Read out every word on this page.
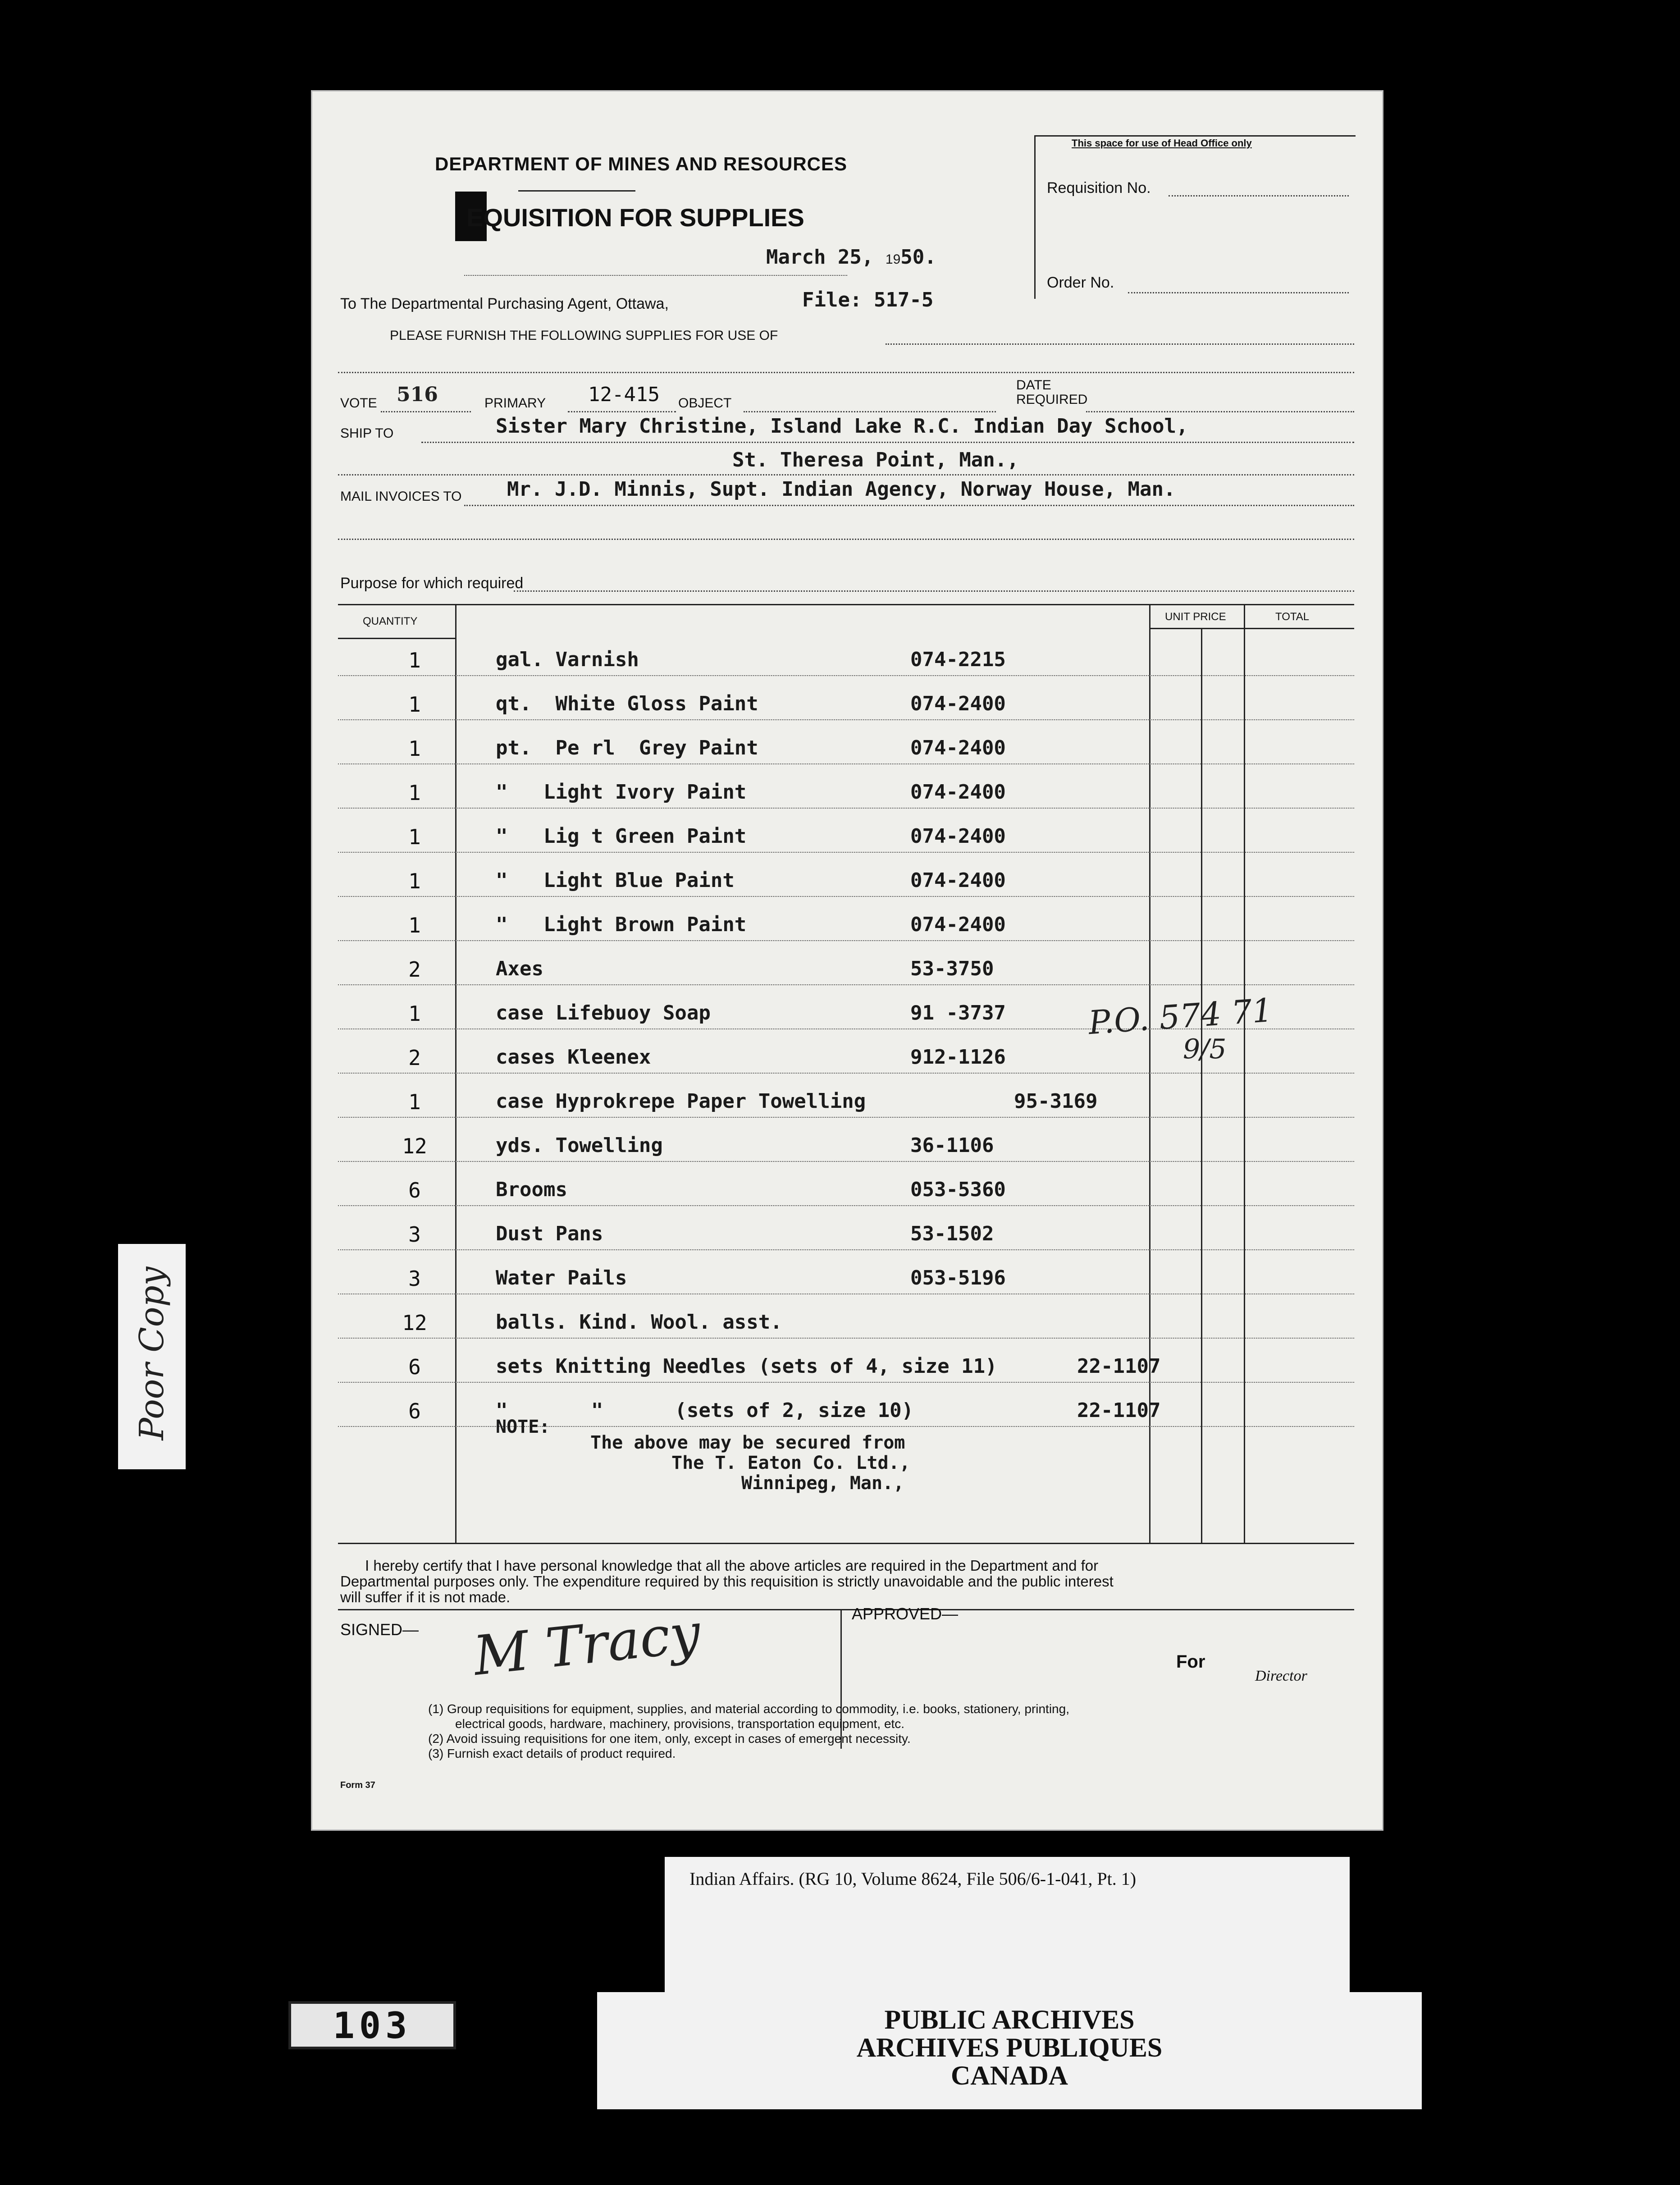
Poor Copy
DEPARTMENT OF MINES AND RESOURCES
EQUISITION FOR SUPPLIES
March 25, 1950.
To The Departmental Purchasing Agent, Ottawa,	File: 517-5
PLEASE FURNISH THE FOLLOWING SUPPLIES FOR USE OF
This space for use of Head Office only
Requisition No.
Order No.
VOTE 516	PRIMARY 12-415 OBJECT
DATE
REQUIRED
SHIP TO	Sister Mary Christine, Island Lake R.C. Indian Day School,
St. Theresa Point, Man.,
MAIL INVOICES TO Mr. J.D. Minnis, Supt. Indian Agency, Norway House, Man.
Purpose for which required
QUANTITY	UNIT PRICE	TOTAL
1	gal. Varnish	074-2215
1	qt.  White Gloss Paint	074-2400
1	pt.  Pe rl  Grey Paint	074-2400
1	"   Light Ivory Paint	074-2400
1	"   Lig t Green Paint	074-2400
1	"   Light Blue Paint	074-2400
1	"   Light Brown Paint	074-2400
2	Axes	53-3750
1	case Lifebuoy Soap	91 -3737
2	cases Kleenex	912-1126
1	case Hyprokrepe Paper Towelling	95-3169
12	yds. Towelling	36-1106
6	Brooms	053-5360
3	Dust Pans	53-1502
3	Water Pails	053-5196
12	balls. Kind. Wool. asst.
6	sets Knitting Needles (sets of 4, size 11)	22-1107
6	"       "      (sets of 2, size 10)	22-1107
NOTE:
The above may be secured from
The T. Eaton Co. Ltd.,
Winnipeg, Man.,
P.O. 574 71
9/5
I hereby certify that I have personal knowledge that all the above articles are required in the Department and for
Departmental purposes only. The expenditure required by this requisition is strictly unavoidable and the public interest
will suffer if it is not made.
SIGNED— M Tracy	APPROVED—
For
Director
(1) Group requisitions for equipment, supplies, and material according to commodity, i.e. books, stationery, printing,
electrical goods, hardware, machinery, provisions, transportation equipment, etc.
(2) Avoid issuing requisitions for one item, only, except in cases of emergent necessity.
(3) Furnish exact details of product required.
Form 37
Indian Affairs. (RG 10, Volume 8624, File 506/6-1-041, Pt. 1)
103	PUBLIC ARCHIVES
ARCHIVES PUBLIQUES
CANADA
